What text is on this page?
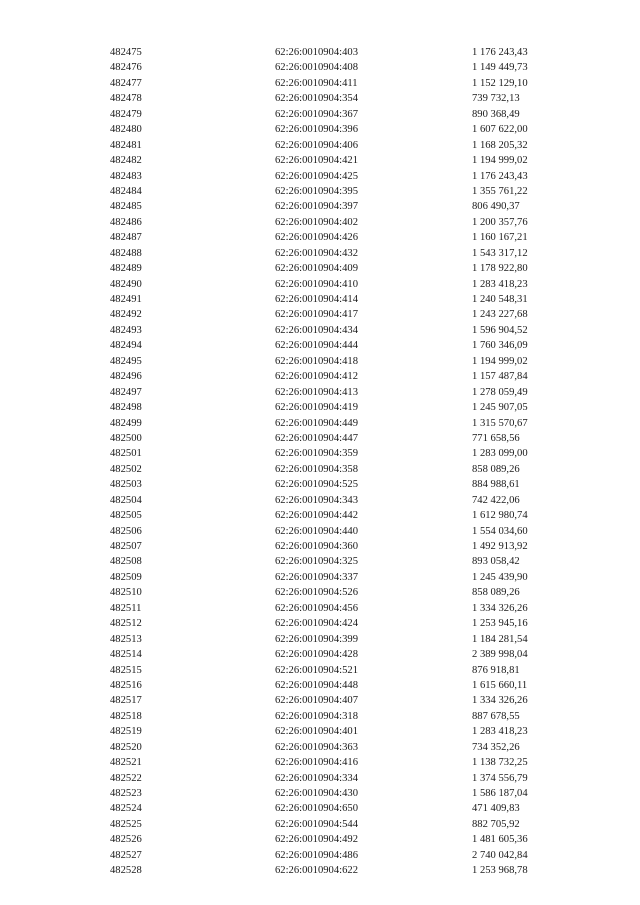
482475	62:26:0010904:403	1 176 243,43
482476	62:26:0010904:408	1 149 449,73
482477	62:26:0010904:411	1 152 129,10
482478	62:26:0010904:354	739 732,13
482479	62:26:0010904:367	890 368,49
482480	62:26:0010904:396	1 607 622,00
482481	62:26:0010904:406	1 168 205,32
482482	62:26:0010904:421	1 194 999,02
482483	62:26:0010904:425	1 176 243,43
482484	62:26:0010904:395	1 355 761,22
482485	62:26:0010904:397	806 490,37
482486	62:26:0010904:402	1 200 357,76
482487	62:26:0010904:426	1 160 167,21
482488	62:26:0010904:432	1 543 317,12
482489	62:26:0010904:409	1 178 922,80
482490	62:26:0010904:410	1 283 418,23
482491	62:26:0010904:414	1 240 548,31
482492	62:26:0010904:417	1 243 227,68
482493	62:26:0010904:434	1 596 904,52
482494	62:26:0010904:444	1 760 346,09
482495	62:26:0010904:418	1 194 999,02
482496	62:26:0010904:412	1 157 487,84
482497	62:26:0010904:413	1 278 059,49
482498	62:26:0010904:419	1 245 907,05
482499	62:26:0010904:449	1 315 570,67
482500	62:26:0010904:447	771 658,56
482501	62:26:0010904:359	1 283 099,00
482502	62:26:0010904:358	858 089,26
482503	62:26:0010904:525	884 988,61
482504	62:26:0010904:343	742 422,06
482505	62:26:0010904:442	1 612 980,74
482506	62:26:0010904:440	1 554 034,60
482507	62:26:0010904:360	1 492 913,92
482508	62:26:0010904:325	893 058,42
482509	62:26:0010904:337	1 245 439,90
482510	62:26:0010904:526	858 089,26
482511	62:26:0010904:456	1 334 326,26
482512	62:26:0010904:424	1 253 945,16
482513	62:26:0010904:399	1 184 281,54
482514	62:26:0010904:428	2 389 998,04
482515	62:26:0010904:521	876 918,81
482516	62:26:0010904:448	1 615 660,11
482517	62:26:0010904:407	1 334 326,26
482518	62:26:0010904:318	887 678,55
482519	62:26:0010904:401	1 283 418,23
482520	62:26:0010904:363	734 352,26
482521	62:26:0010904:416	1 138 732,25
482522	62:26:0010904:334	1 374 556,79
482523	62:26:0010904:430	1 586 187,04
482524	62:26:0010904:650	471 409,83
482525	62:26:0010904:544	882 705,92
482526	62:26:0010904:492	1 481 605,36
482527	62:26:0010904:486	2 740 042,84
482528	62:26:0010904:622	1 253 968,78
